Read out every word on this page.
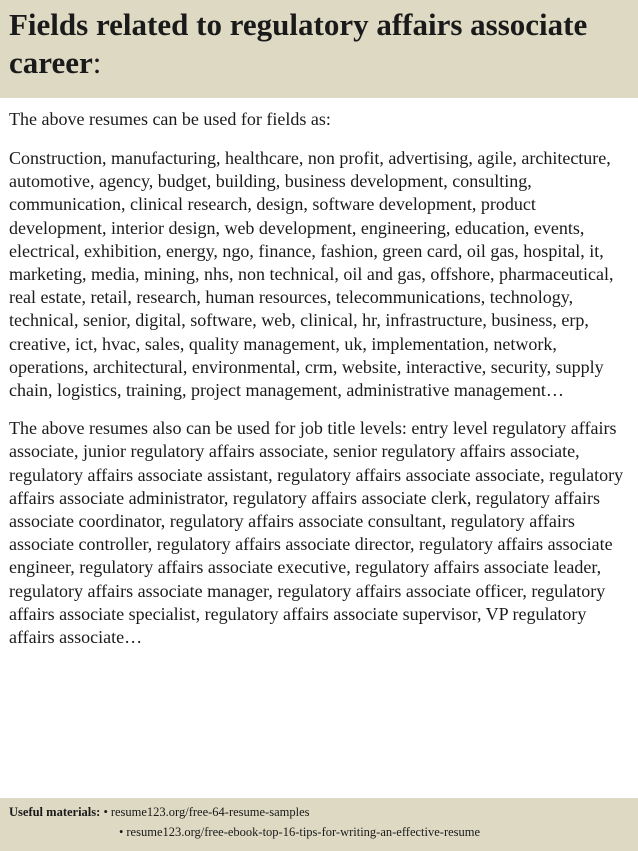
Fields related to regulatory affairs associate career:

The above resumes can be used for fields as:

Construction, manufacturing, healthcare, non profit, advertising, agile, architecture, automotive, agency, budget, building, business development, consulting, communication, clinical research, design, software development, product development, interior design, web development, engineering, education, events, electrical, exhibition, energy, ngo, finance, fashion, green card, oil gas, hospital, it, marketing, media, mining, nhs, non technical, oil and gas, offshore, pharmaceutical, real estate, retail, research, human resources, telecommunications, technology, technical, senior, digital, software, web, clinical, hr, infrastructure, business, erp, creative, ict, hvac, sales, quality management, uk, implementation, network, operations, architectural, environmental, crm, website, interactive, security, supply chain, logistics, training, project management, administrative management…

The above resumes also can be used for job title levels: entry level regulatory affairs associate, junior regulatory affairs associate, senior regulatory affairs associate, regulatory affairs associate assistant, regulatory affairs associate associate, regulatory affairs associate administrator, regulatory affairs associate clerk, regulatory affairs associate coordinator, regulatory affairs associate consultant, regulatory affairs associate controller, regulatory affairs associate director, regulatory affairs associate engineer, regulatory affairs associate executive, regulatory affairs associate leader, regulatory affairs associate manager, regulatory affairs associate officer, regulatory affairs associate specialist, regulatory affairs associate supervisor, VP regulatory affairs associate…

Useful materials: • resume123.org/free-64-resume-samples
• resume123.org/free-ebook-top-16-tips-for-writing-an-effective-resume
